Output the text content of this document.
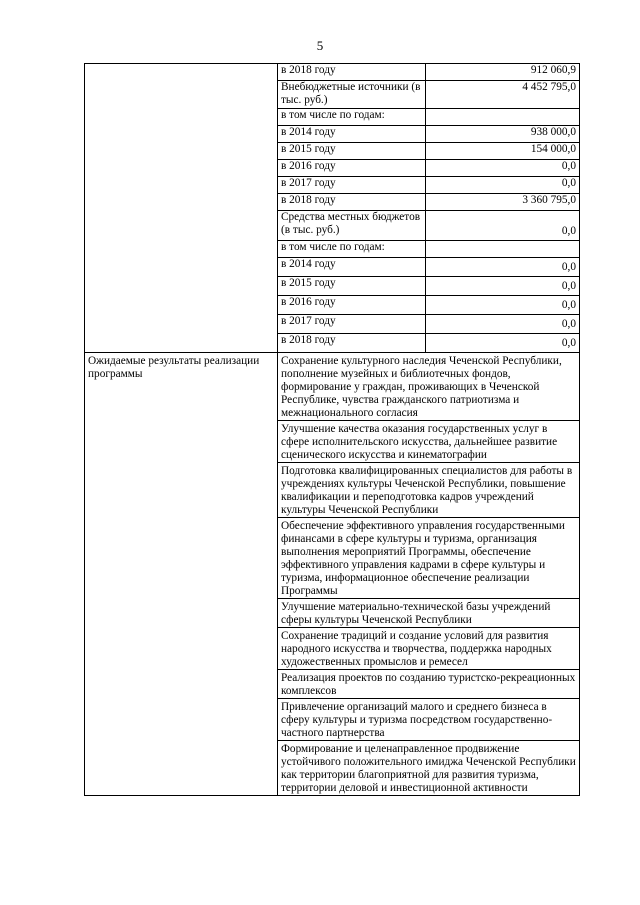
5
	в 2018 году	912 060,9
	Внебюджетные источники (в тыс. руб.)	4 452 795,0
	в том числе по годам:	
	в 2014 году	938 000,0
	в 2015 году	154 000,0
	в 2016 году	0,0
	в 2017 году	0,0
	в 2018 году	3 360 795,0
	Средства местных бюджетов (в тыс. руб.)	0,0
	в том числе по годам:	
	в 2014 году	0,0
	в 2015 году	0,0
	в 2016 году	0,0
	в 2017 году	0,0
	в 2018 году	0,0
Ожидаемые результаты реализации программы	Сохранение культурного наследия Чеченской Республики, пополнение музейных и библиотечных фондов, формирование у граждан, проживающих в Чеченской Республике, чувства гражданского патриотизма и межнационального согласия	
	Улучшение качества оказания государственных услуг в сфере исполнительского искусства, дальнейшее развитие сценического искусства и кинематографии	
	Подготовка квалифицированных специалистов для работы в учреждениях культуры Чеченской Республики, повышение квалификации и переподготовка кадров учреждений культуры Чеченской Республики	
	Обеспечение эффективного управления государственными финансами в сфере культуры и туризма, организация выполнения мероприятий Программы, обеспечение эффективного управления кадрами в сфере культуры и туризма, информационное обеспечение реализации Программы	
	Улучшение материально-технической базы учреждений сферы культуры Чеченской Республики	
	Сохранение традиций и создание условий для развития народного искусства и творчества, поддержка народных художественных промыслов и ремесел	
	Реализация проектов по созданию туристско-рекреационных комплексов	
	Привлечение организаций малого и среднего бизнеса в сферу культуры и туризма посредством государственно-частного партнерства	
	Формирование и целенаправленное продвижение устойчивого положительного имиджа Чеченской Республики как территории благоприятной для развития туризма, территории деловой и инвестиционной активности	
